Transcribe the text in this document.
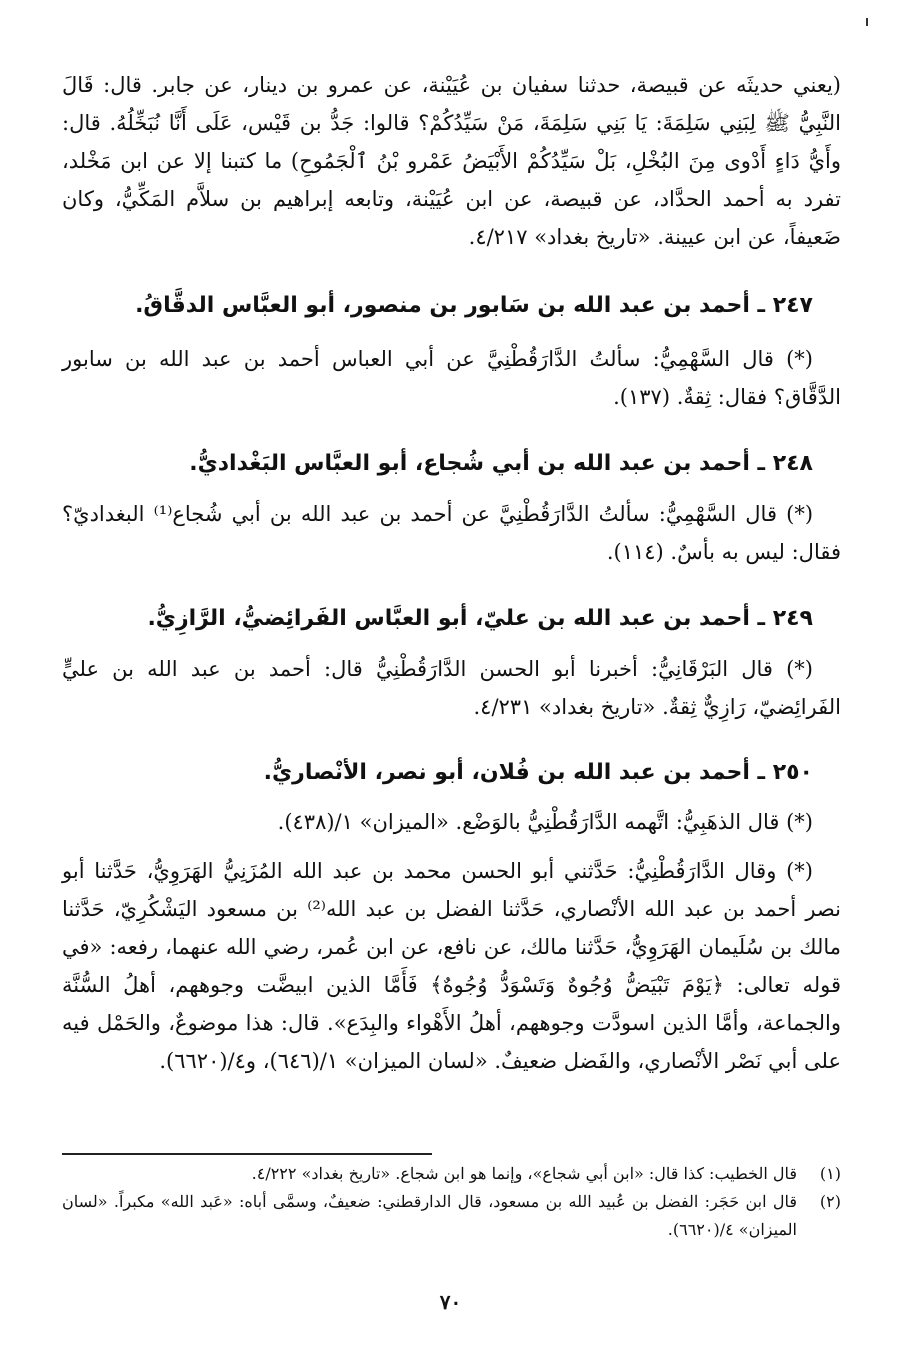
(يعني حديثَه عن قبيصة، حدثنا سفيان بن عُيَيْنة، عن عمرو بن دينار، عن جابر. قال: قَالَ النَّبِيُّ ﷺ لِبَنِي سَلِمَةَ: يَا بَنِي سَلِمَةَ، مَنْ سَيِّدُكُمْ؟ قالوا: جَدُّ بن قَيْس، عَلَى أَنَّا نُبَخِّلُهُ. قال: وأَيُّ دَاءٍ أَدْوى مِنَ البُخْلِ، بَلْ سَيِّدُكُمْ الأَبْيَضُ عَمْرو بْنُ ٱلْجَمُوحِ) ما كتبنا إلا عن ابن مَخْلد، تفرد به أحمد الحدَّاد، عن قبيصة، عن ابن عُيَيْنة، وتابعه إبراهيم بن سلاَّم المَكِّيُّ، وكان ضَعيفاً، عن ابن عيينة. «تاريخ بغداد» ٤/٢١٧.

٢٤٧ ـ أحمد بن عبد الله بن سَابور بن منصور، أبو العبَّاس الدقَّاقُ.

(*) قال السَّهْمِيُّ: سألتُ الدَّارَقُطْنِيَّ عن أبي العباس أحمد بن عبد الله بن سابور الدَّقَّاق؟ فقال: ثِقةٌ. (١٣٧).

٢٤٨ ـ أحمد بن عبد الله بن أبي شُجاع، أبو العبَّاس البَغْداديُّ.

(*) قال السَّهْمِيُّ: سألتُ الدَّارَقُطْنِيَّ عن أحمد بن عبد الله بن أبي شُجاع⁽¹⁾ البغداديّ؟ فقال: ليس به بأسٌ. (١١٤).

٢٤٩ ـ أحمد بن عبد الله بن عليّ، أبو العبَّاس الفَرائِضيُّ، الرَّازِيُّ.

(*) قال البَرْقَانِيُّ: أخبرنا أبو الحسن الدَّارَقُطْنِيُّ قال: أحمد بن عبد الله بن عليٍّ الفَرائِضيّ، رَازِيٌّ ثِقةٌ. «تاريخ بغداد» ٤/٢٣١.

٢٥٠ ـ أحمد بن عبد الله بن فُلان، أبو نصر، الأنْصاريُّ.

(*) قال الذهَبِيُّ: اتَّهمه الدَّارَقُطْنِيُّ بالوَضْع. «الميزان» ١/(٤٣٨).

(*) وقال الدَّارَقُطْنِيُّ: حَدَّثني أبو الحسن محمد بن عبد الله المُزَنِيُّ الهَرَوِيُّ، حَدَّثنا أبو نصر أحمد بن عبد الله الأنْصاري، حَدَّثنا الفضل بن عبد الله⁽²⁾ بن مسعود اليَشْكُرِيّ، حَدَّثنا مالك بن سُلَيمان الهَرَوِيُّ، حَدَّثنا مالك، عن نافع، عن ابن عُمر، رضي الله عنهما، رفعه: «في قوله تعالى: ﴿يَوْمَ تَبْيَضُّ وُجُوهٌ وَتَسْوَدُّ وُجُوهٌ﴾ فَأَمَّا الذين ابيضَّت وجوههم، أهلُ السُّنَّة والجماعة، وأمَّا الذين اسودَّت وجوههم، أهلُ الأَهْواء والبِدَع». قال: هذا موضوعٌ، والحَمْل فيه على أبي نَصْر الأنْصاري، والفَضل ضعيفٌ. «لسان الميزان» ١/(٦٤٦)، و٤/(٦٦٢٠).

(١)
قال الخطيب: كذا قال: «ابن أبي شجاع»، وإنما هو ابن شجاع. «تاريخ بغداد» ٤/٢٢٢.
(٢)
قال ابن حَجَر: الفضل بن عُبيد الله بن مسعود، قال الدارقطني: ضعيفٌ، وسمَّى أباه: «عَبد الله» مكبراً. «لسان الميزان» ٤/(٦٦٢٠).
٧٠
